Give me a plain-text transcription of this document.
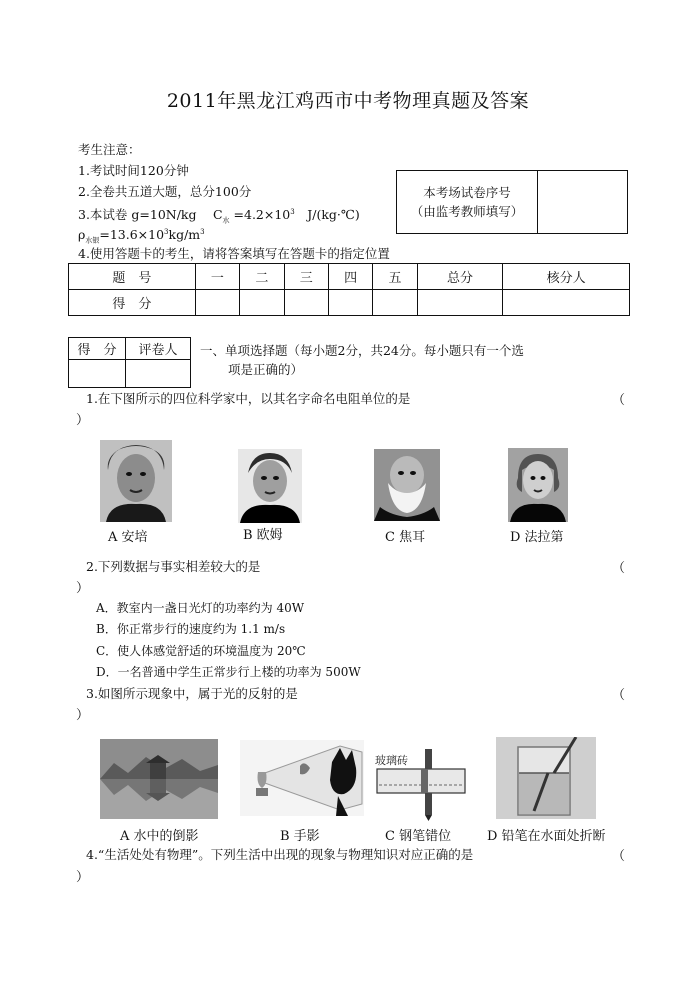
2011年黑龙江鸡西市中考物理真题及答案
考生注意：
1.考试时间120分钟
2.全卷共五道大题，总分100分
3.本试卷 g=10N/kg　 $C_水 =4.2\times 10^3$　J/(kg·℃)
$\rho_{水银}=13.6\times 10^3kg/m^3$
4.使用答题卡的考生，请将答案填写在答题卡的指定位置
本考场试卷序号
（由监考教师填写）

题　号	一	二	三	四	五	总分	核分人
得　分							
得　分	评卷人
	一、单项选择题（每小题2分，共24分。每小题只有一个选
项是正确的）
1.在下图所示的四位科学家中，以其名字命名电阻单位的是	（
）
A 安培	B 欧姆	C 焦耳	D 法拉第
2.下列数据与事实相差较大的是	（
）
A．教室内一盏日光灯的功率约为 40W
B．你正常步行的速度约为 1.1 m/s
C．使人体感觉舒适的环境温度为 20℃
D．一名普通中学生正常步行上楼的功率为 500W
3.如图所示现象中，属于光的反射的是	（
）
玻璃砖
A 水中的倒影	B 手影	C 钢笔错位	D 铅笔在水面处折断
4.“生活处处有物理”。下列生活中出现的现象与物理知识对应正确的是	（
）
